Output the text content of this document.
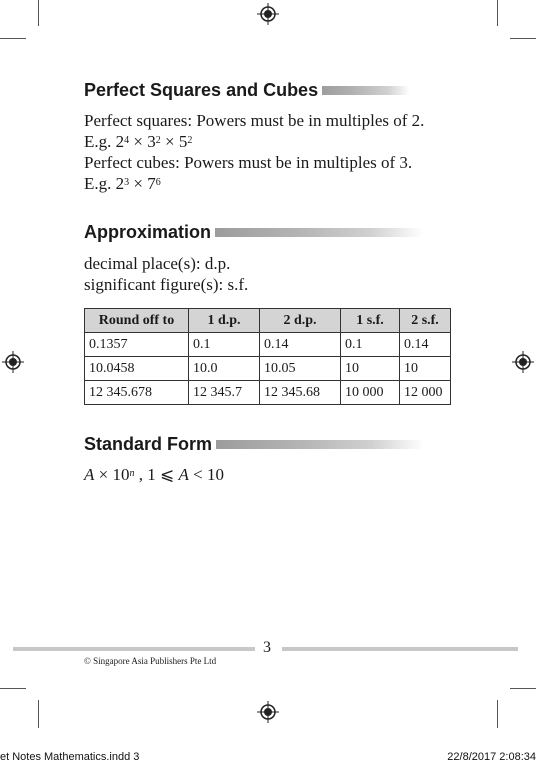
Perfect Squares and Cubes
Perfect squares: Powers must be in multiples of 2.
E.g. $2^4 \times 3^2 \times 5^2$
Perfect cubes: Powers must be in multiples of 3.
E.g. $2^3 \times 7^6$
Approximation
decimal place(s): d.p.
significant figure(s): s.f.
Round off to	1 d.p.	2 d.p.	1 s.f.	2 s.f.
0.1357	0.1	0.14	0.1	0.14
10.0458	10.0	10.05	10	10
12 345.678	12 345.7	12 345.68	10 000	12 000
Standard Form
$A \times 10^n$ , 1 ⩽ A < 10
3
© Singapore Asia Publishers Pte Ltd
et Notes Mathematics.indd 3	22/8/2017 2:08:34
